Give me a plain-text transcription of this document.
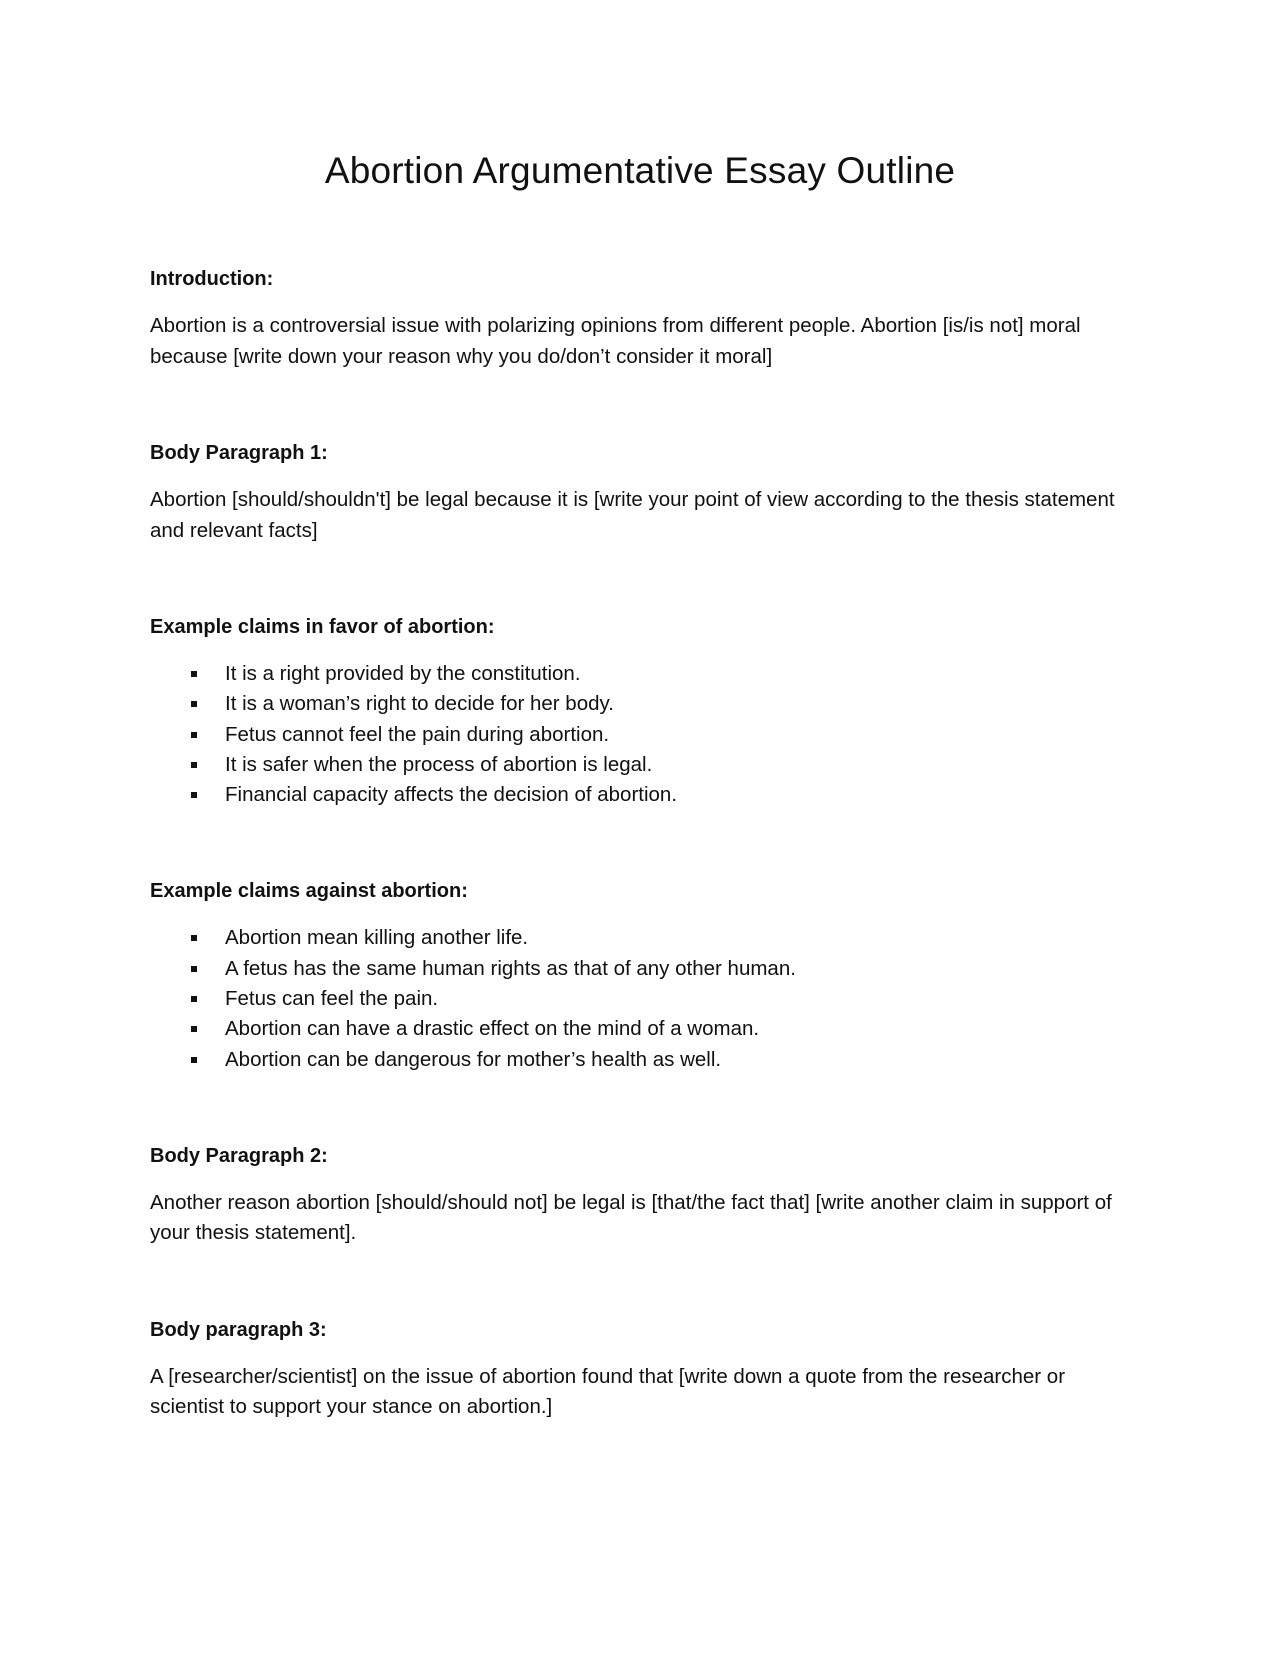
Abortion Argumentative Essay Outline
Introduction:

Abortion is a controversial issue with polarizing opinions from different people. Abortion [is/is not] moral because [write down your reason why you do/don’t consider it moral]

Body Paragraph 1:

Abortion [should/shouldn't] be legal because it is [write your point of view according to the thesis statement and relevant facts]

Example claims in favor of abortion:
It is a right provided by the constitution.
It is a woman’s right to decide for her body.
Fetus cannot feel the pain during abortion.
It is safer when the process of abortion is legal.
Financial capacity affects the decision of abortion.
Example claims against abortion:
Abortion mean killing another life.
A fetus has the same human rights as that of any other human.
Fetus can feel the pain.
Abortion can have a drastic effect on the mind of a woman.
Abortion can be dangerous for mother’s health as well.
Body Paragraph 2:

Another reason abortion [should/should not] be legal is [that/the fact that] [write another claim in support of your thesis statement].

Body paragraph 3:

A [researcher/scientist] on the issue of abortion found that [write down a quote from the researcher or scientist to support your stance on abortion.]
